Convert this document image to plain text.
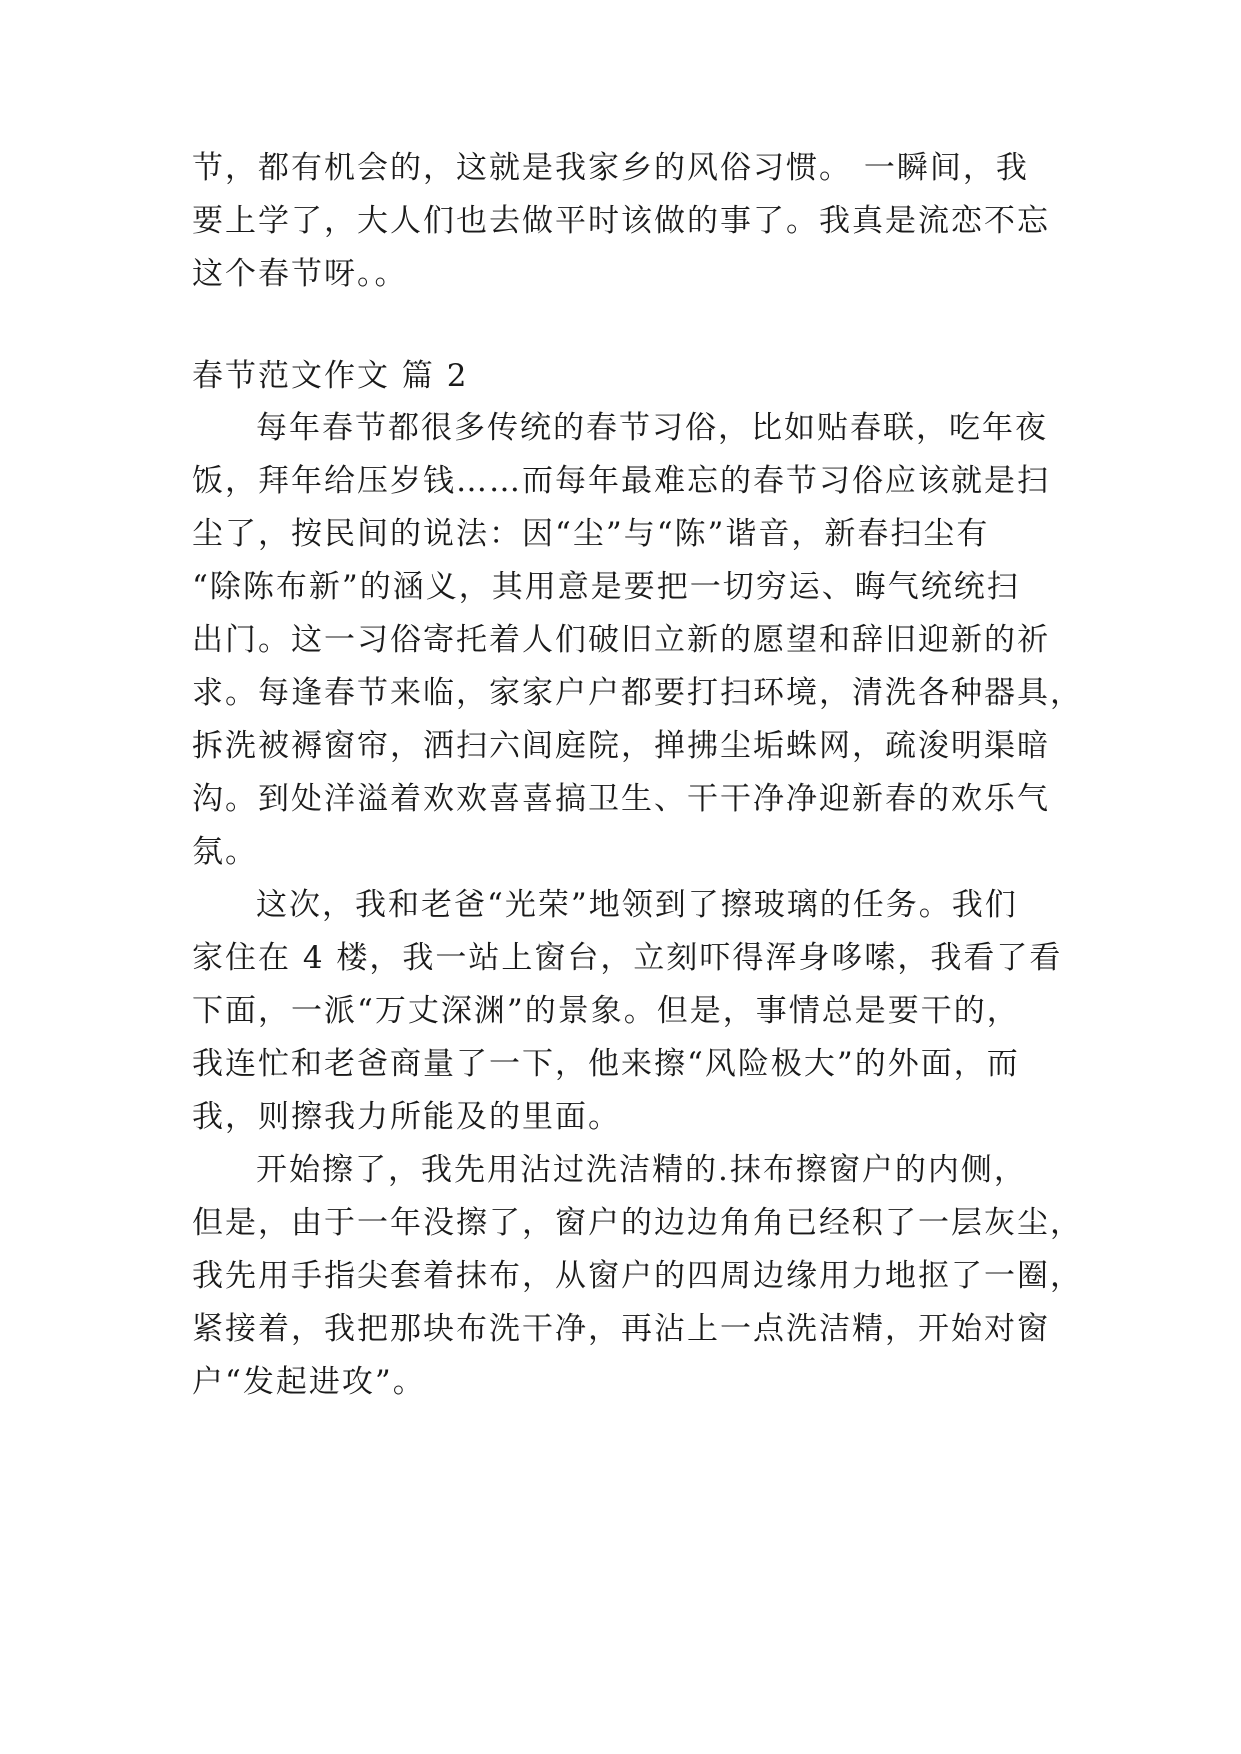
节，都有机会的，这就是我家乡的风俗习惯。 一瞬间，我
要上学了，大人们也去做平时该做的事了。我真是流恋不忘
这个春节呀。。
春节范文作文 篇 2
每年春节都很多传统的春节习俗，比如贴春联，吃年夜
饭，拜年给压岁钱……而每年最难忘的春节习俗应该就是扫
尘了，按民间的说法：因“尘”与“陈”谐音，新春扫尘有
“除陈布新”的涵义，其用意是要把一切穷运、晦气统统扫
出门。这一习俗寄托着人们破旧立新的愿望和辞旧迎新的祈
求。每逢春节来临，家家户户都要打扫环境，清洗各种器具，
拆洗被褥窗帘，洒扫六闾庭院，掸拂尘垢蛛网，疏浚明渠暗
沟。到处洋溢着欢欢喜喜搞卫生、干干净净迎新春的欢乐气
氛。
这次，我和老爸“光荣”地领到了擦玻璃的任务。我们
家住在 4 楼，我一站上窗台，立刻吓得浑身哆嗦，我看了看
下面，一派“万丈深渊”的景象。但是，事情总是要干的，
我连忙和老爸商量了一下，他来擦“风险极大”的外面，而
我，则擦我力所能及的里面。
开始擦了，我先用沾过洗洁精的.抹布擦窗户的内侧，
但是，由于一年没擦了，窗户的边边角角已经积了一层灰尘，
我先用手指尖套着抹布，从窗户的四周边缘用力地抠了一圈，
紧接着，我把那块布洗干净，再沾上一点洗洁精，开始对窗
户“发起进攻”。
